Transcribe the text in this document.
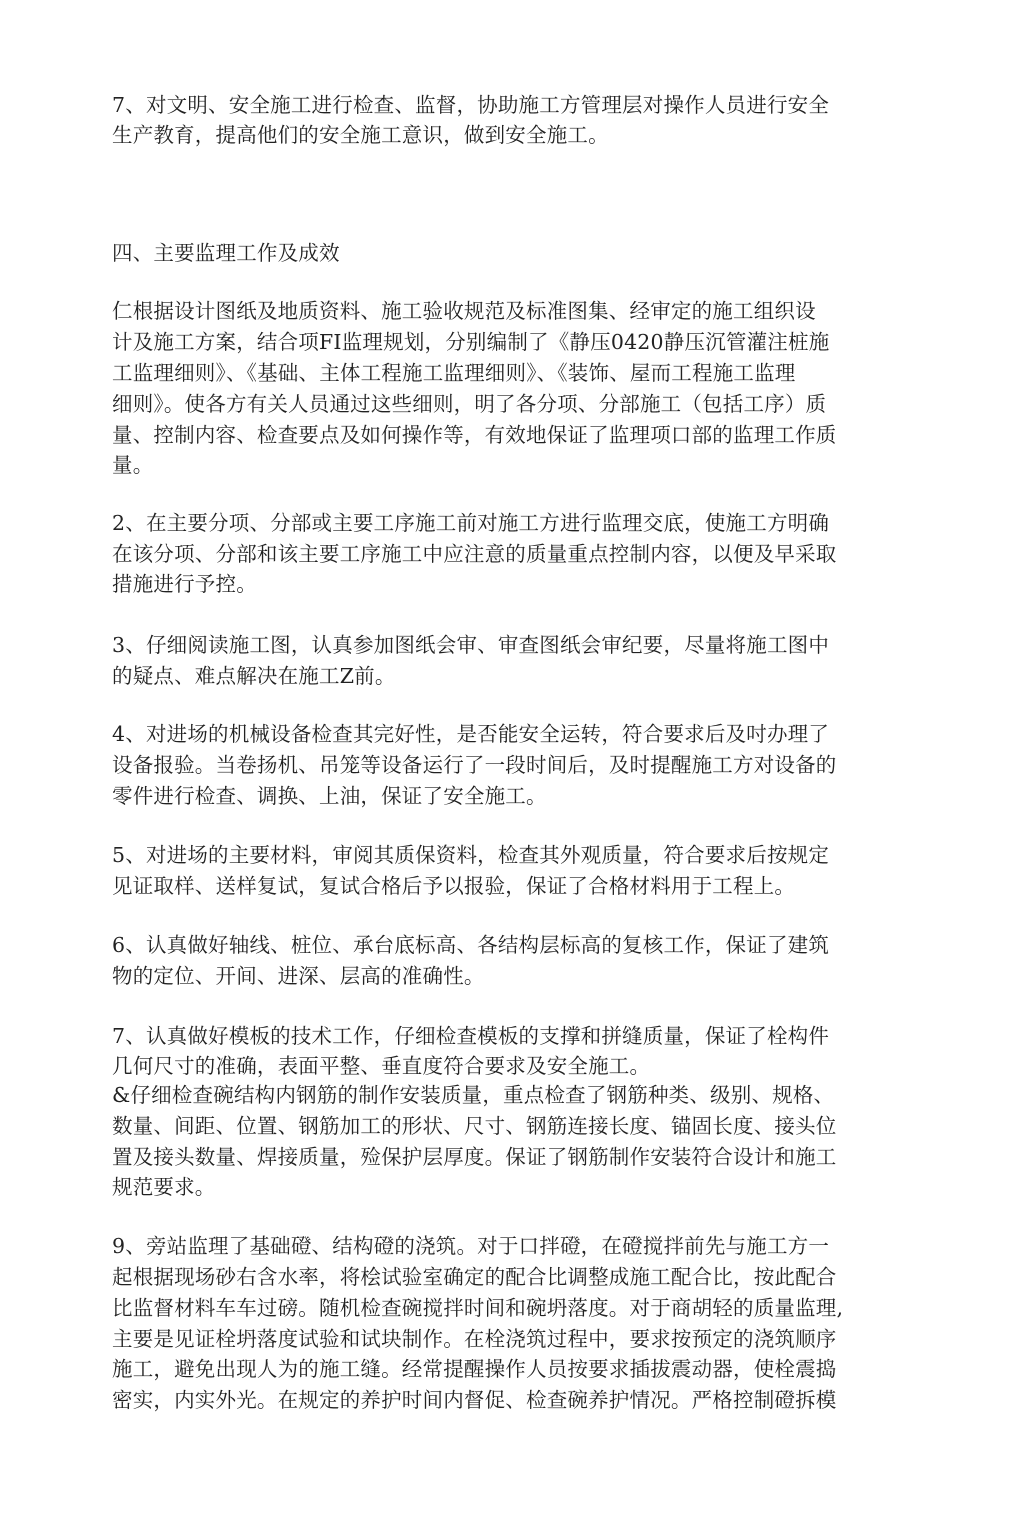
7、对文明、安全施工进行检查、监督，协助施工方管理层对操作人员进行安全
生产教育，提高他们的安全施工意识，做到安全施工。
四、主要监理工作及成效
仁根据设计图纸及地质资料、施工验收规范及标准图集、经审定的施工组织设
计及施工方案，结合项FI监理规划，分别编制了《静压0420静压沉管灌注桩施
工监理细则》、《基础、主体工程施工监理细则》、《装饰、屋而工程施工监理
细则》。使各方有关人员通过这些细则，明了各分项、分部施工（包括工序）质
量、控制内容、检查要点及如何操作等，有效地保证了监理项口部的监理工作质
量。
2、在主要分项、分部或主要工序施工前对施工方进行监理交底，使施工方明确
在该分项、分部和该主要工序施工中应注意的质量重点控制内容，以便及早采取
措施进行予控。
3、仔细阅读施工图，认真参加图纸会审、审查图纸会审纪要，尽量将施工图中
的疑点、难点解决在施工Z前。
4、对进场的机械设备检查其完好性，是否能安全运转，符合要求后及吋办理了
设备报验。当卷扬机、吊笼等设备运行了一段时间后，及时提醒施工方对设备的
零件进行检查、调换、上油，保证了安全施工。
5、对进场的主要材料，审阅其质保资料，检查其外观质量，符合要求后按规定
见证取样、送样复试，复试合格后予以报验，保证了合格材料用于工程上。
6、认真做好轴线、桩位、承台底标高、各结构层标高的复核工作，保证了建筑
物的定位、开间、进深、层高的准确性。
7、认真做好模板的技术工作，仔细检查模板的支撑和拼缝质量，保证了栓构件
几何尺寸的准确，表面平整、垂直度符合要求及安全施工。
&仔细检查碗结构内钢筋的制作安装质量，重点检查了钢筋种类、级别、规格、
数量、间距、位置、钢筋加工的形状、尺寸、钢筋连接长度、锚固长度、接头位
置及接头数量、焊接质量，殓保护层厚度。保证了钢筋制作安装符合设计和施工
规范要求。
9、旁站监理了基础磴、结构磴的浇筑。对于口拌磴，在磴搅拌前先与施工方一
起根据现场砂右含水率，将桧试验室确定的配合比调整成施工配合比，按此配合
比监督材料车车过磅。随机检查碗搅拌时间和碗坍落度。对于商胡轻的质量监理,
主要是见证栓坍落度试验和试块制作。在栓浇筑过程中，要求按预定的浇筑顺序
施工，避免出现人为的施工缝。经常提醒操作人员按要求插拔震动器，使栓震捣
密实，内实外光。在规定的养护时间内督促、检查碗养护情况。严格控制磴拆模
